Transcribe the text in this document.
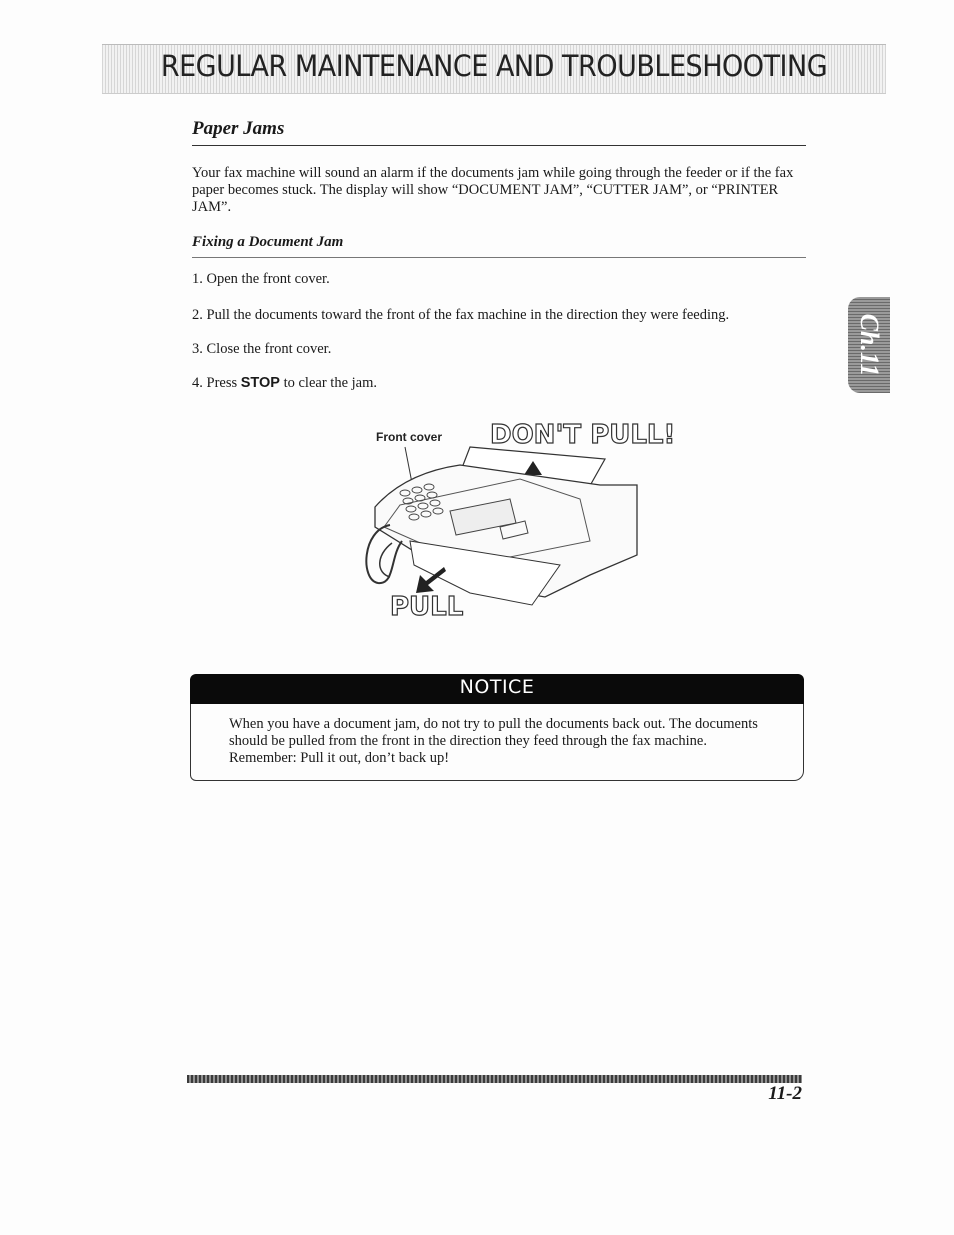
REGULAR MAINTENANCE AND TROUBLESHOOTING
Paper Jams
Your fax machine will sound an alarm if the documents jam while going through the feeder or if the fax paper becomes stuck. The display will show “DOCUMENT JAM”, “CUTTER JAM”, or “PRINTER JAM”.
Fixing a Document Jam
1. Open the front cover.
2. Pull the documents toward the front of the fax machine in the direction they were feeding.
3. Close the front cover.
4. Press STOP to clear the jam.
Ch.11
Front cover DON'T PULL!
PULL
NOTICE
When you have a document jam, do not try to pull the documents back out. The documents should be pulled from the front in the direction they feed through the fax machine. Remember: Pull it out, don’t back up!
11-2
